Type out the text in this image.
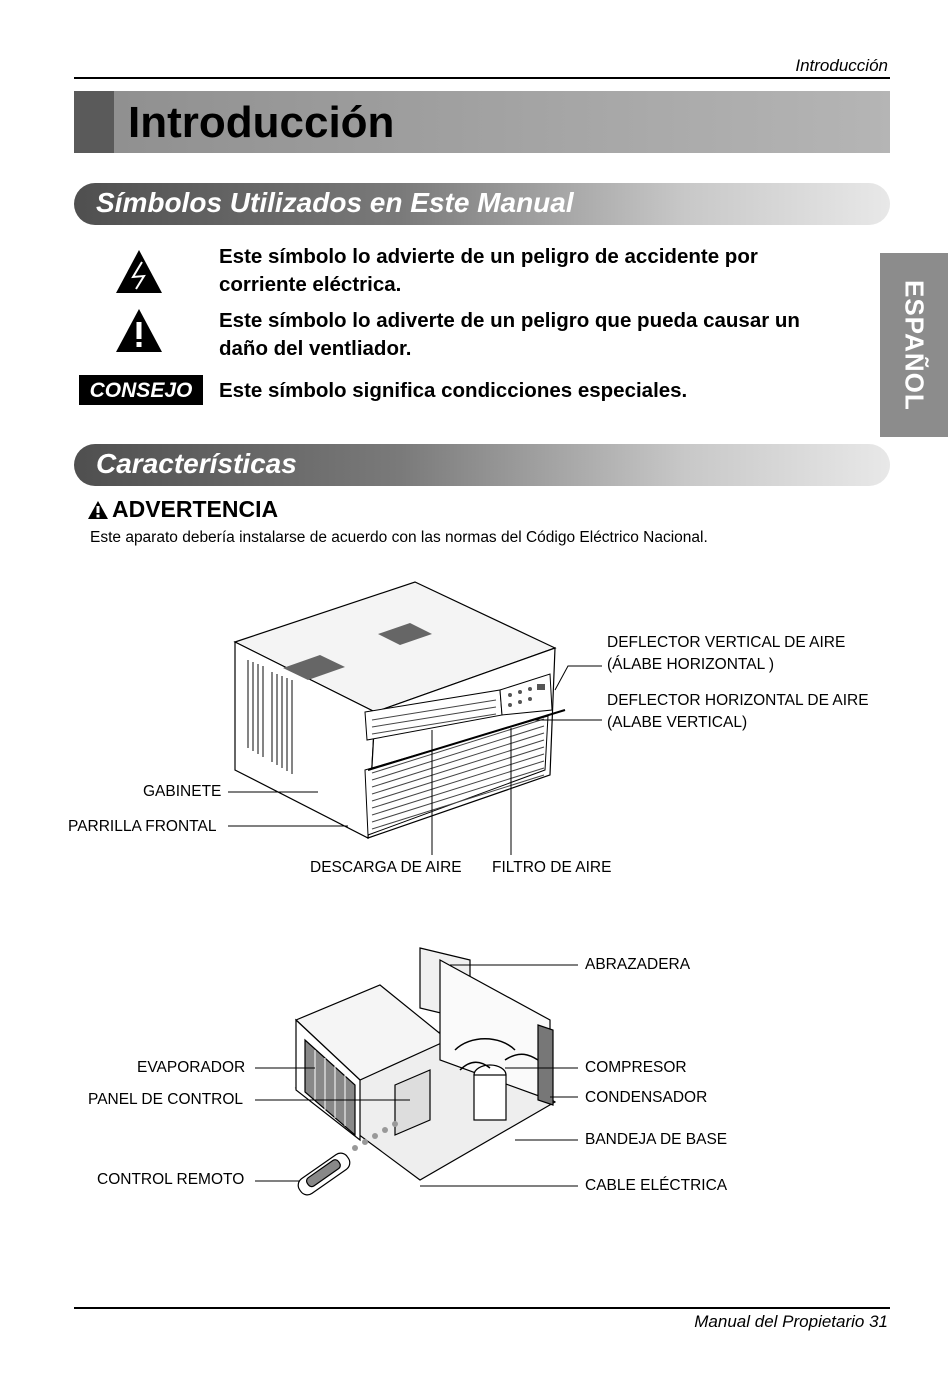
Introducción
Introducción
ESPAÑOL
Símbolos Utilizados en Este Manual
Este símbolo lo advierte de un peligro de accidente por
corriente eléctrica.
Este símbolo lo adiverte de un peligro que pueda causar un
daño del ventliador.
CONSEJO	Este símbolo significa condicciones especiales.
Características
ADVERTENCIA
Este aparato debería instalarse de acuerdo con las normas del Código Eléctrico Nacional.
DEFLECTOR VERTICAL DE AIRE
(ÁLABE HORIZONTAL )
DEFLECTOR HORIZONTAL DE AIRE
(ALABE VERTICAL)
GABINETE
PARRILLA FRONTAL
DESCARGA DE AIRE FILTRO DE AIRE
ABRAZADERA
EVAPORADOR
PANEL DE CONTROL
COMPRESOR
CONDENSADOR
BANDEJA DE BASE
CONTROL REMOTO	CABLE ELÉCTRICA
Manual del Propietario 31
